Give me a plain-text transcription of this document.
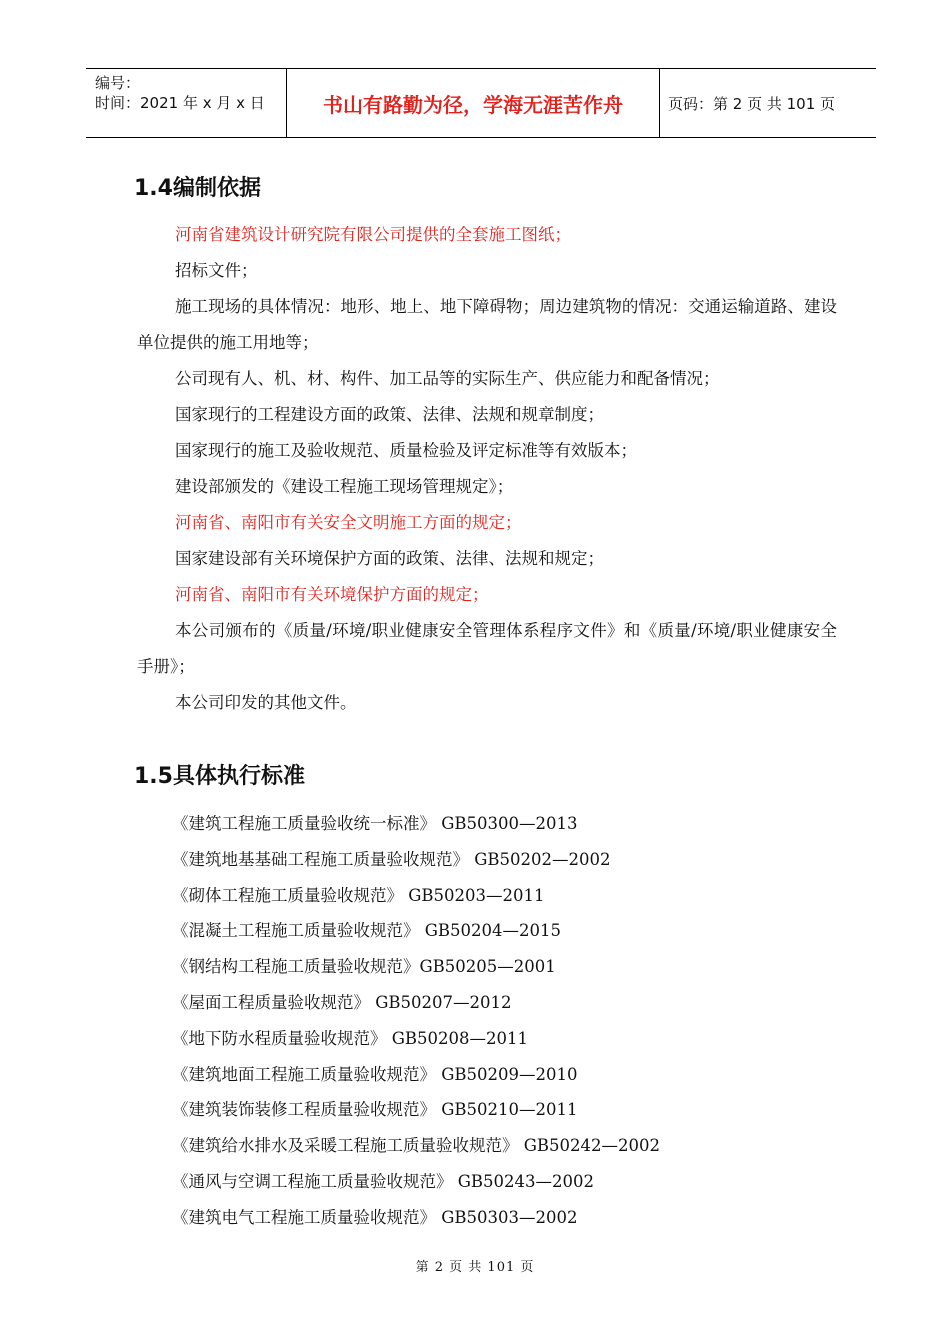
编号：
时间：2021 年 x 月 x 日	书山有路勤为径，学海无涯苦作舟	页码：第 2 页 共 101 页
1.4编制依据

河南省建筑设计研究院有限公司提供的全套施工图纸；

招标文件；

施工现场的具体情况：地形、地上、地下障碍物；周边建筑物的情况：交通运输道路、建设单位提供的施工用地等；

公司现有人、机、材、构件、加工品等的实际生产、供应能力和配备情况；

国家现行的工程建设方面的政策、法律、法规和规章制度；

国家现行的施工及验收规范、质量检验及评定标准等有效版本；

建设部颁发的《建设工程施工现场管理规定》；

河南省、南阳市有关安全文明施工方面的规定；

国家建设部有关环境保护方面的政策、法律、法规和规定；

河南省、南阳市有关环境保护方面的规定；

本公司颁布的《质量/环境/职业健康安全管理体系程序文件》和《质量/环境/职业健康安全手册》；

本公司印发的其他文件。

1.5具体执行标准
《建筑工程施工质量验收统一标准》 GB50300—2013
《建筑地基基础工程施工质量验收规范》 GB50202—2002
《砌体工程施工质量验收规范》 GB50203—2011
《混凝土工程施工质量验收规范》 GB50204—2015
《钢结构工程施工质量验收规范》GB50205—2001
《屋面工程质量验收规范》 GB50207—2012
《地下防水程质量验收规范》 GB50208—2011
《建筑地面工程施工质量验收规范》 GB50209—2010
《建筑装饰装修工程质量验收规范》 GB50210—2011
《建筑给水排水及采暖工程施工质量验收规范》 GB50242—2002
《通风与空调工程施工质量验收规范》 GB50243—2002
《建筑电气工程施工质量验收规范》 GB50303—2002
第 2 页 共 101 页
